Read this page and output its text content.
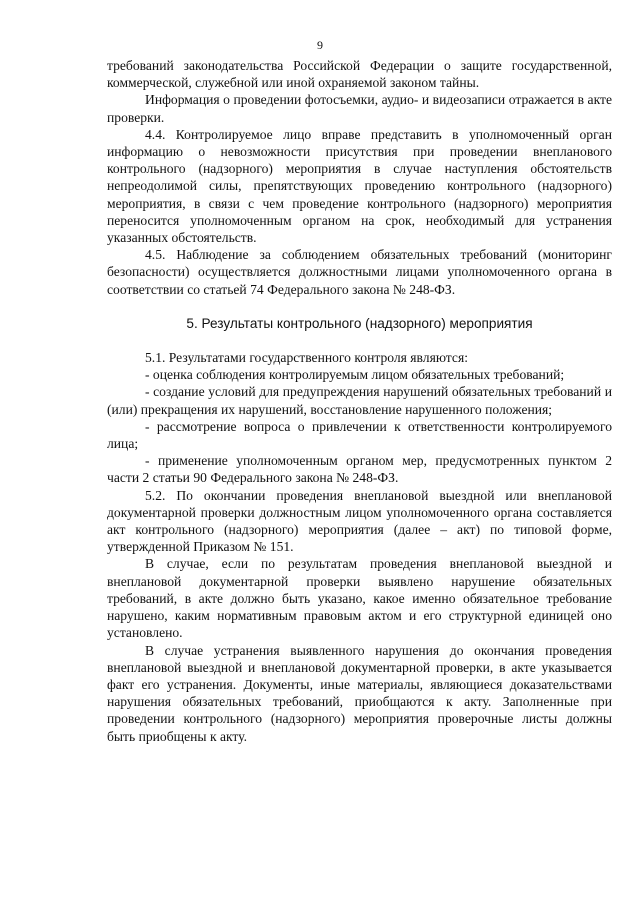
9

требований законодательства Российской Федерации о защите государственной, коммерческой, служебной или иной охраняемой законом тайны.

Информация о проведении фотосъемки, аудио- и видеозаписи отражается в акте проверки.

4.4. Контролируемое лицо вправе представить в уполномоченный орган информацию о невозможности присутствия при проведении внепланового контрольного (надзорного) мероприятия в случае наступления обстоятельств непреодолимой силы, препятствующих проведению контрольного (надзорного) мероприятия, в связи с чем проведение контрольного (надзорного) мероприятия переносится уполномоченным органом на срок, необходимый для устранения указанных обстоятельств.

4.5. Наблюдение за соблюдением обязательных требований (мониторинг безопасности) осуществляется должностными лицами уполномоченного органа в соответствии со статьей 74 Федерального закона № 248-ФЗ.

5. Результаты контрольного (надзорного) мероприятия

5.1. Результатами государственного контроля являются:

- оценка соблюдения контролируемым лицом обязательных требований;

- создание условий для предупреждения нарушений обязательных требований и (или) прекращения их нарушений, восстановление нарушенного положения;

- рассмотрение вопроса о привлечении к ответственности контролируемого лица;

- применение уполномоченным органом мер, предусмотренных пунктом 2 части 2 статьи 90 Федерального закона № 248-ФЗ.

5.2. По окончании проведения внеплановой выездной или внеплановой документарной проверки должностным лицом уполномоченного органа составляется акт контрольного (надзорного) мероприятия (далее – акт) по типовой форме, утвержденной Приказом № 151.

В случае, если по результатам проведения внеплановой выездной и внеплановой документарной проверки выявлено нарушение обязательных требований, в акте должно быть указано, какое именно обязательное требование нарушено, каким нормативным правовым актом и его структурной единицей оно установлено.

В случае устранения выявленного нарушения до окончания проведения внеплановой выездной и внеплановой документарной проверки, в акте указывается факт его устранения. Документы, иные материалы, являющиеся доказательствами нарушения обязательных требований, приобщаются к акту. Заполненные при проведении контрольного (надзорного) мероприятия проверочные листы должны быть приобщены к акту.
